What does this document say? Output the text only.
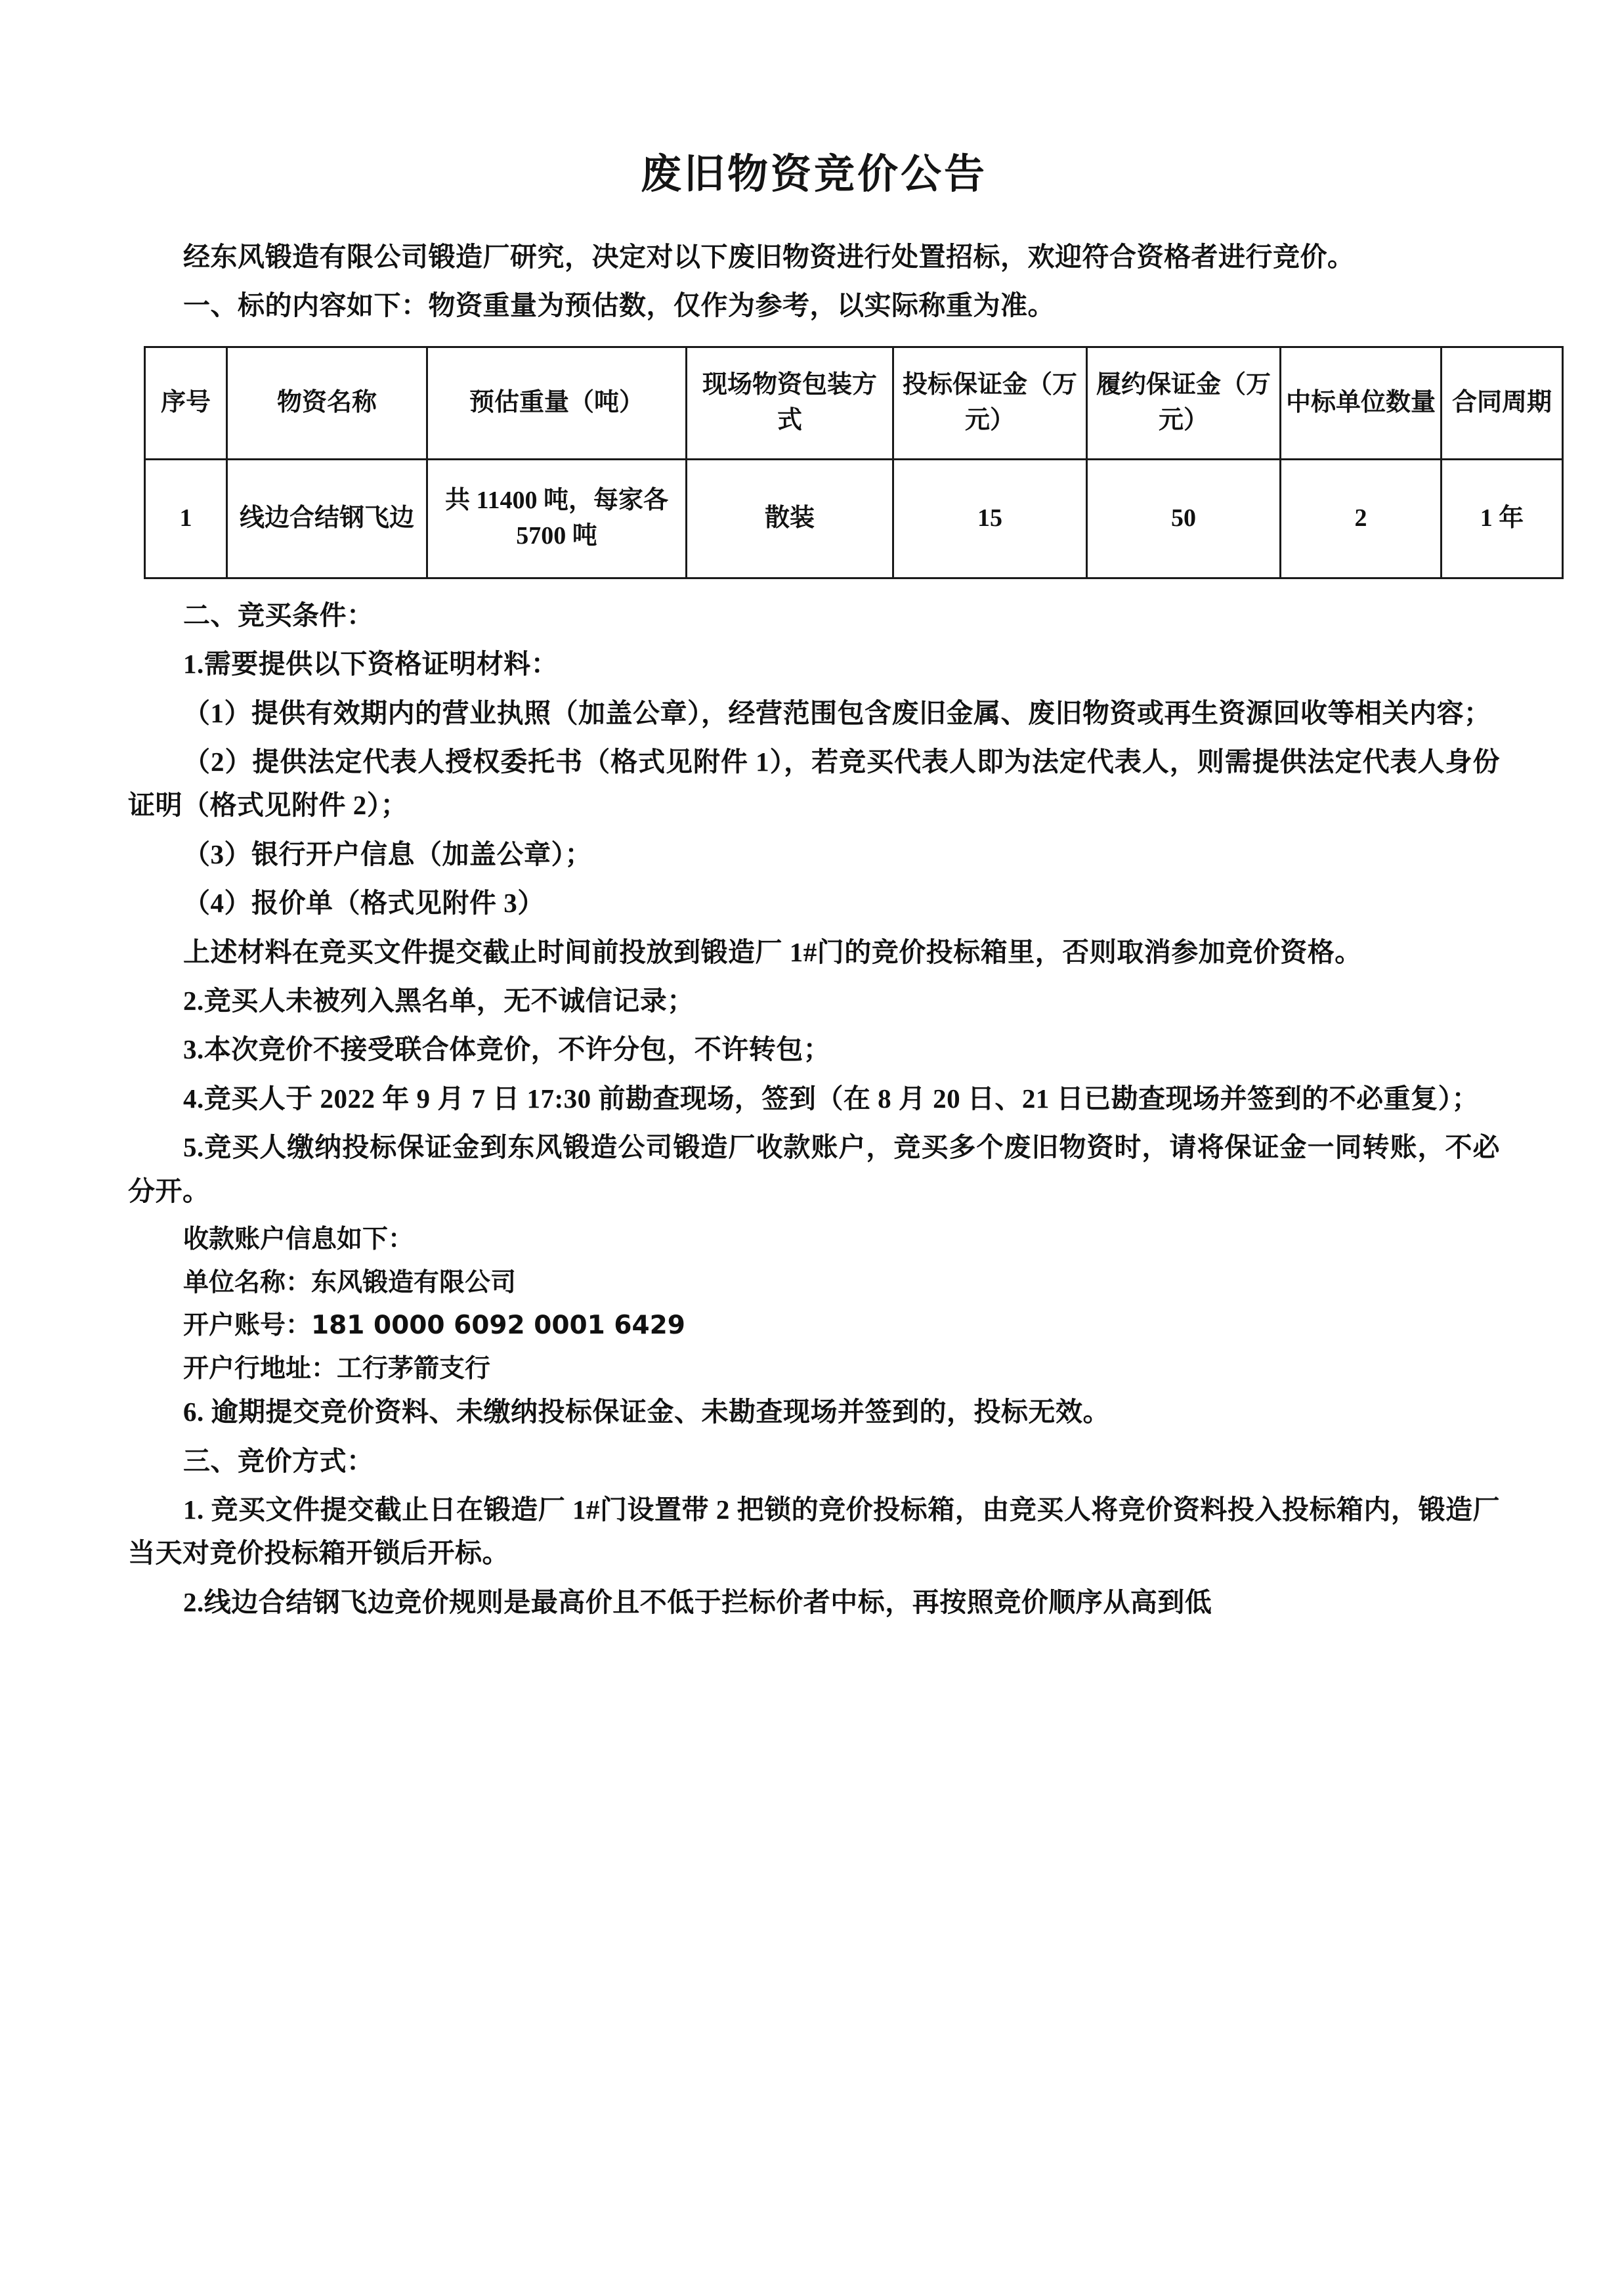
废旧物资竞价公告

经东风锻造有限公司锻造厂研究，决定对以下废旧物资进行处置招标，欢迎符合资格者进行竞价。

一、标的内容如下：物资重量为预估数，仅作为参考，以实际称重为准。

序号	物资名称	预估重量（吨）	现场物资包装方式	投标保证金（万元）	履约保证金（万元）	中标单位数量	合同周期
1	线边合结钢飞边	共 11400 吨，每家各 5700 吨	散装	15	50	2	1 年

二、竞买条件：

1.需要提供以下资格证明材料：

（1）提供有效期内的营业执照（加盖公章），经营范围包含废旧金属、废旧物资或再生资源回收等相关内容；

（2）提供法定代表人授权委托书（格式见附件 1），若竞买代表人即为法定代表人，则需提供法定代表人身份证明（格式见附件 2）；

（3）银行开户信息（加盖公章）；

（4）报价单（格式见附件 3）

上述材料在竞买文件提交截止时间前投放到锻造厂 1#门的竞价投标箱里，否则取消参加竞价资格。

2.竞买人未被列入黑名单，无不诚信记录；

3.本次竞价不接受联合体竞价，不许分包，不许转包；

4.竞买人于 2022 年 9 月 7 日 17:30 前勘查现场，签到（在 8 月 20 日、21 日已勘查现场并签到的不必重复）；

5.竞买人缴纳投标保证金到东风锻造公司锻造厂收款账户，竞买多个废旧物资时，请将保证金一同转账，不必分开。

收款账户信息如下：

单位名称：东风锻造有限公司

开户账号：181 0000 6092 0001 6429

开户行地址：工行茅箭支行

6. 逾期提交竞价资料、未缴纳投标保证金、未勘查现场并签到的，投标无效。

三、竞价方式：

1. 竞买文件提交截止日在锻造厂 1#门设置带 2 把锁的竞价投标箱，由竞买人将竞价资料投入投标箱内，锻造厂当天对竞价投标箱开锁后开标。

2.线边合结钢飞边竞价规则是最高价且不低于拦标价者中标，再按照竞价顺序从高到低
